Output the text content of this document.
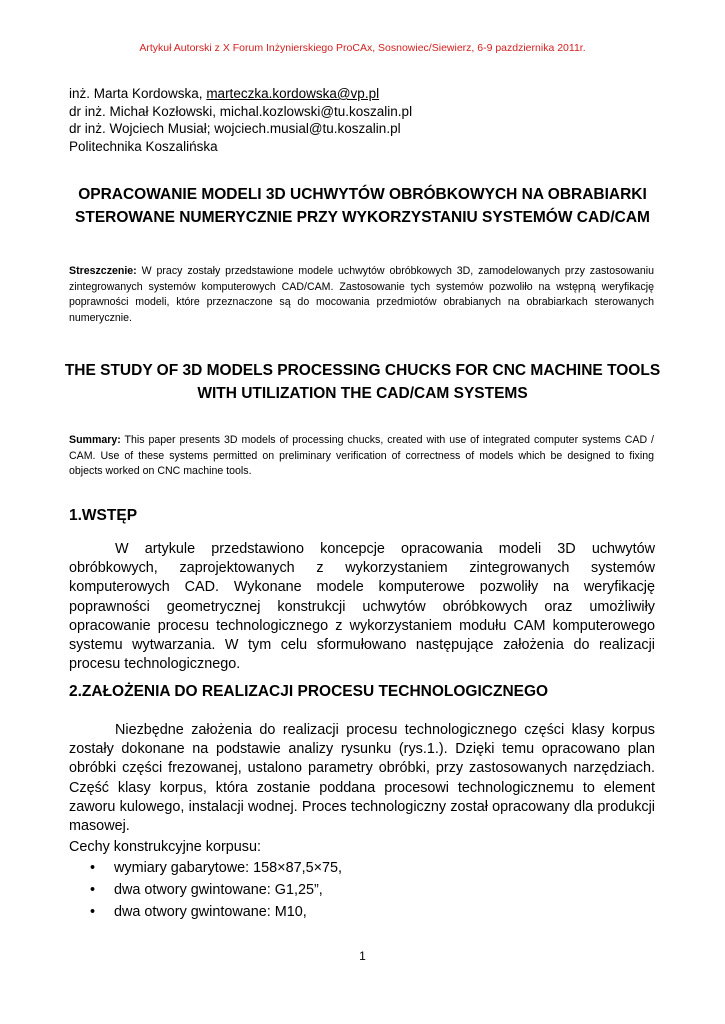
Artykuł Autorski z X Forum Inżynierskiego ProCAx, Sosnowiec/Siewierz, 6-9 pazdziernika 2011r.
inż. Marta Kordowska, marteczka.kordowska@vp.pl
dr inż. Michał Kozłowski, michal.kozlowski@tu.koszalin.pl
dr inż. Wojciech Musiał; wojciech.musial@tu.koszalin.pl
Politechnika Koszalińska
OPRACOWANIE MODELI 3D UCHWYTÓW OBRÓBKOWYCH NA OBRABIARKI STEROWANE NUMERYCZNIE PRZY WYKORZYSTANIU SYSTEMÓW CAD/CAM
Streszczenie: W pracy zostały przedstawione modele uchwytów obróbkowych 3D, zamodelowanych przy zastosowaniu zintegrowanych systemów komputerowych CAD/CAM. Zastosowanie tych systemów pozwoliło na wstępną weryfikację poprawności modeli, które przeznaczone są do mocowania przedmiotów obrabianych na obrabiarkach sterowanych numerycznie.
THE STUDY OF 3D MODELS PROCESSING CHUCKS FOR CNC MACHINE TOOLS WITH UTILIZATION THE CAD/CAM SYSTEMS
Summary: This paper presents 3D models of processing chucks, created with use of integrated computer systems CAD / CAM. Use of these systems permitted on preliminary verification of correctness of models which be designed to fixing objects worked on CNC machine tools.
1.WSTĘP
W artykule przedstawiono koncepcje opracowania modeli 3D uchwytów obróbkowych, zaprojektowanych z wykorzystaniem zintegrowanych systemów komputerowych CAD. Wykonane modele komputerowe pozwoliły na weryfikację poprawności geometrycznej konstrukcji uchwytów obróbkowych oraz umożliwiły opracowanie procesu technologicznego z wykorzystaniem modułu CAM komputerowego systemu wytwarzania. W tym celu sformułowano następujące założenia do realizacji procesu technologicznego.
2.ZAŁOŻENIA DO REALIZACJI PROCESU TECHNOLOGICZNEGO
Niezbędne założenia do realizacji procesu technologicznego części klasy korpus zostały dokonane na podstawie analizy rysunku (rys.1.). Dzięki temu opracowano plan obróbki części frezowanej, ustalono parametry obróbki, przy zastosowanych narzędziach. Część klasy korpus, która zostanie poddana procesowi technologicznemu to element zaworu kulowego, instalacji wodnej. Proces technologiczny został opracowany dla produkcji masowej.
Cechy konstrukcyjne korpusu:
• wymiary gabarytowe: 158×87,5×75,
• dwa otwory gwintowane: G1,25”,
• dwa otwory gwintowane: M10,
1
